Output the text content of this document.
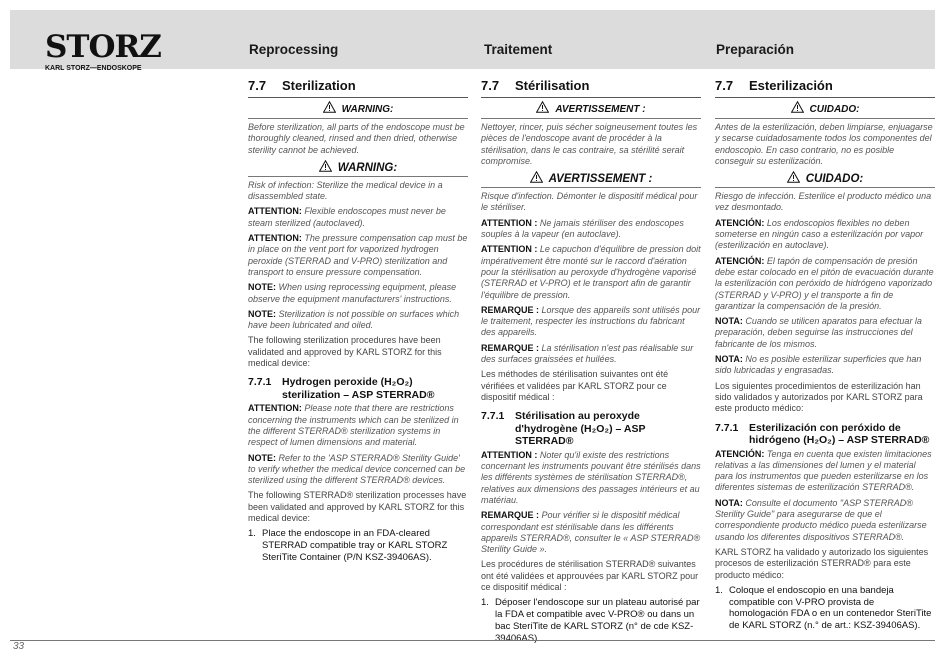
STORZ
KARL STORZ—ENDOSKOPE
Reprocessing	Traitement	Preparación
7.7 Sterilization
WARNING:

Before sterilization, all parts of the endoscope must be thoroughly cleaned, rinsed and then dried, otherwise sterility cannot be achieved.

WARNING:

Risk of infection: Sterilize the medical device in a disassembled state.

ATTENTION: Flexible endoscopes must never be steam sterilized (autoclaved).

ATTENTION: The pressure compensation cap must be in place on the vent port for vaporized hydrogen peroxide (STERRAD and V-PRO) sterilization and transport to ensure pressure compensation.

NOTE: When using reprocessing equipment, please observe the equipment manufacturers' instructions.

NOTE: Sterilization is not possible on surfaces which have been lubricated and oiled.

The following sterilization procedures have been validated and approved by KARL STORZ for this medical device:

7.7.1	Hydrogen peroxide (H₂O₂) sterilization – ASP STERRAD®

ATTENTION: Please note that there are restrictions concerning the instruments which can be sterilized in the different STERRAD® sterilization systems in respect of lumen dimensions and material.

NOTE: Refer to the 'ASP STERRAD® Sterility Guide' to verify whether the medical device concerned can be sterilized using the different STERRAD® devices.

The following STERRAD® sterilization processes have been validated and approved by KARL STORZ for this medical device:

1. Place the endoscope in an FDA-cleared STERRAD compatible tray or KARL STORZ SteriTite Container (P/N KSZ-39406AS).
7.7 Stérilisation
AVERTISSEMENT :

Nettoyer, rincer, puis sécher soigneusement toutes les pièces de l'endoscope avant de procéder à la stérilisation, dans le cas contraire, sa stérilité serait compromise.

AVERTISSEMENT :

Risque d'infection. Démonter le dispositif médical pour le stériliser.

ATTENTION : Ne jamais stériliser des endoscopes souples à la vapeur (en autoclave).

ATTENTION : Le capuchon d'équilibre de pression doit impérativement être monté sur le raccord d'aération pour la stérilisation au peroxyde d'hydrogène vaporisé (STERRAD et V-PRO) et le transport afin de garantir l'équilibre de pression.

REMARQUE : Lorsque des appareils sont utilisés pour le traitement, respecter les instructions du fabricant des appareils.

REMARQUE : La stérilisation n'est pas réalisable sur des surfaces graissées et huilées.

Les méthodes de stérilisation suivantes ont été vérifiées et validées par KARL STORZ pour ce dispositif médical :

7.7.1	Stérilisation au peroxyde d'hydrogène (H₂O₂) – ASP STERRAD®

ATTENTION : Noter qu'il existe des restrictions concernant les instruments pouvant être stérilisés dans les différents systèmes de stérilisation STERRAD®, relatives aux dimensions des passages intérieurs et au matériau.

REMARQUE : Pour vérifier si le dispositif médical correspondant est stérilisable dans les différents appareils STERRAD®, consulter le « ASP STERRAD® Sterility Guide ».

Les procédures de stérilisation STERRAD® suivantes ont été validées et approuvées par KARL STORZ pour ce dispositif médical :

1. Déposer l'endoscope sur un plateau autorisé par la FDA et compatible avec V-PRO® ou dans un bac SteriTite de KARL STORZ (n° de cde KSZ-39406AS).
7.7 Esterilización
CUIDADO:

Antes de la esterilización, deben limpiarse, enjuagarse y secarse cuidadosamente todos los componentes del endoscopio. En caso contrario, no es posible conseguir su esterilización.

CUIDADO:

Riesgo de infección. Esterilice el producto médico una vez desmontado.

ATENCIÓN: Los endoscopios flexibles no deben someterse en ningún caso a esterilización por vapor (esterilización en autoclave).

ATENCIÓN: El tapón de compensación de presión debe estar colocado en el pitón de evacuación durante la esterilización con peróxido de hidrógeno vaporizado (STERRAD y V-PRO) y el transporte a fin de garantizar la compensación de la presión.

NOTA: Cuando se utilicen aparatos para efectuar la preparación, deben seguirse las instrucciones del fabricante de los mismos.

NOTA: No es posible esterilizar superficies que han sido lubricadas y engrasadas.

Los siguientes procedimientos de esterilización han sido validados y autorizados por KARL STORZ para este producto médico:

7.7.1	Esterilización con peróxido de hidrógeno (H₂O₂) – ASP STERRAD®

ATENCIÓN: Tenga en cuenta que existen limitaciones relativas a las dimensiones del lumen y el material para los instrumentos que pueden esterilizarse en los diferentes sistemas de esterilización STERRAD®.

NOTA: Consulte el documento "ASP STERRAD® Sterility Guide" para asegurarse de que el correspondiente producto médico pueda esterilizarse usando los diferentes dispositivos STERRAD®.

KARL STORZ ha validado y autorizado los siguientes procesos de esterilización STERRAD® para este producto médico:

1. Coloque el endoscopio en una bandeja compatible con V-PRO provista de homologación FDA o en un contenedor SteriTite de KARL STORZ (n.° de art.: KSZ-39406AS).
33
